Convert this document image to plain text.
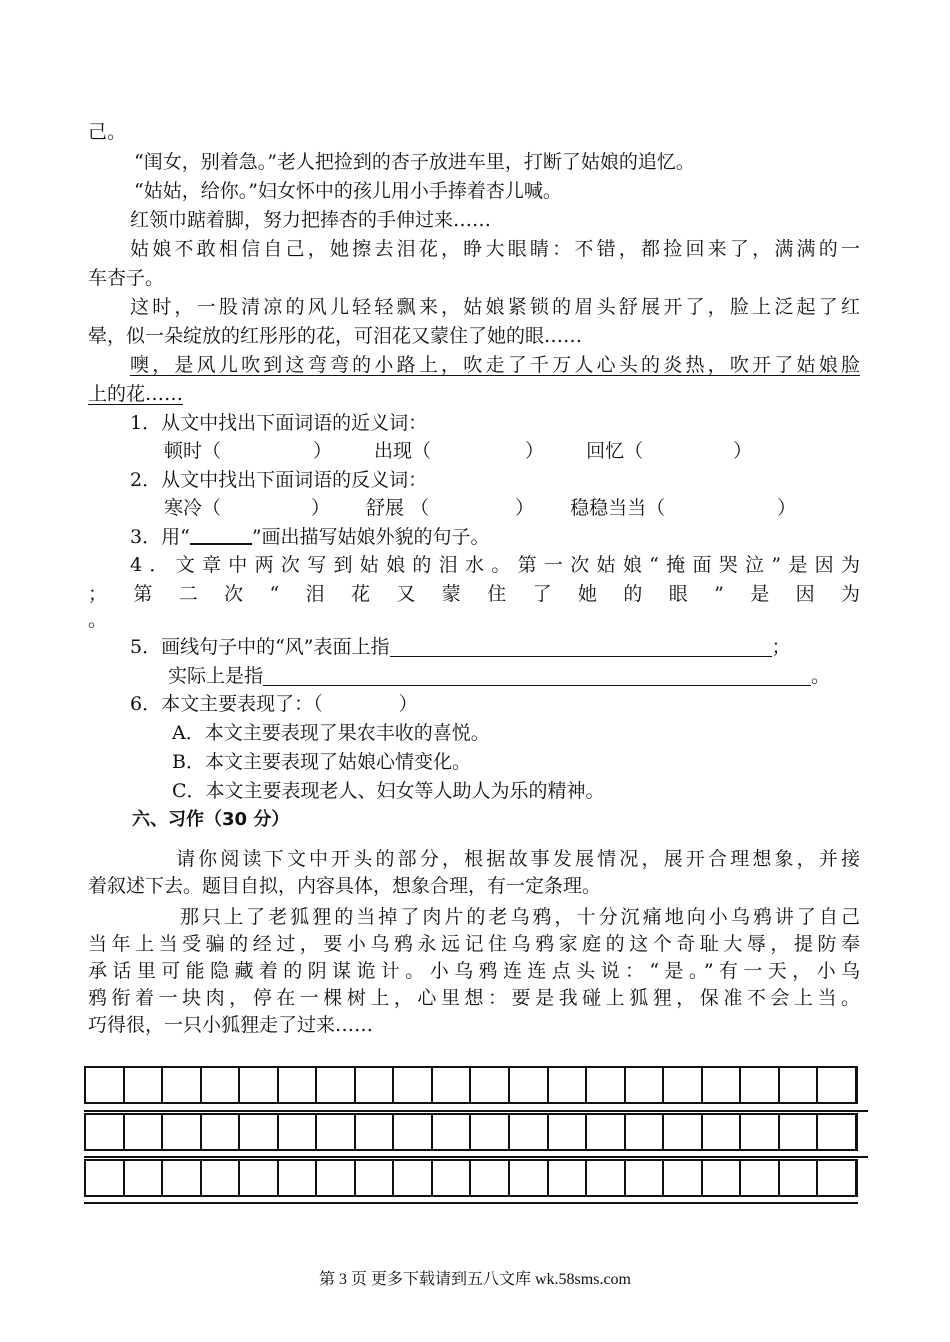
己。
“闺女，别着急。”老人把捡到的杏子放进车里，打断了姑娘的追忆。
“姑姑，给你。”妇女怀中的孩儿用小手捧着杏儿喊。
红领巾踮着脚，努力把捧杏的手伸过来……
姑娘不敢相信自己，她擦去泪花，睁大眼睛：不错，都捡回来了，满满的一
车杏子。
这时，一股清凉的风儿轻轻飘来，姑娘紧锁的眉头舒展开了，脸上泛起了红
晕，似一朵绽放的红彤彤的花，可泪花又蒙住了她的眼……
噢，是风儿吹到这弯弯的小路上，吹走了千万人心头的炎热，吹开了姑娘脸
上的花……
1．从文中找出下面词语的近义词：
顿时（	） 出现（	） 回忆（	）
2．从文中找出下面词语的反义词：
寒冷（	） 舒展 （	） 稳稳当当（	）
3．用“	”画出描写姑娘外貌的句子。
4．文章中两次写到姑娘的泪水。第一次姑娘“掩面哭泣”是因为
；第二次“泪花又蒙住了她的眼”是因为
。
5．画线句子中的“风”表面上指	；
实际上是指	。
6．本文主要表现了：（	）
A．本文主要表现了果农丰收的喜悦。
B．本文主要表现了姑娘心情变化。
C．本文主要表现老人、妇女等人助人为乐的精神。
六、习作（30 分）
请你阅读下文中开头的部分，根据故事发展情况，展开合理想象，并接
着叙述下去。题目自拟，内容具体，想象合理，有一定条理。
那只上了老狐狸的当掉了肉片的老乌鸦，十分沉痛地向小乌鸦讲了自己
当年上当受骗的经过，要小乌鸦永远记住乌鸦家庭的这个奇耻大辱，提防奉
承话里可能隐藏着的阴谋诡计。小乌鸦连连点头说：“是。”有一天，小乌
鸦衔着一块肉，停在一棵树上，心里想：要是我碰上狐狸，保准不会上当。
巧得很，一只小狐狸走了过来……
第 3 页 更多下载请到五八文库 wk.58sms.com
